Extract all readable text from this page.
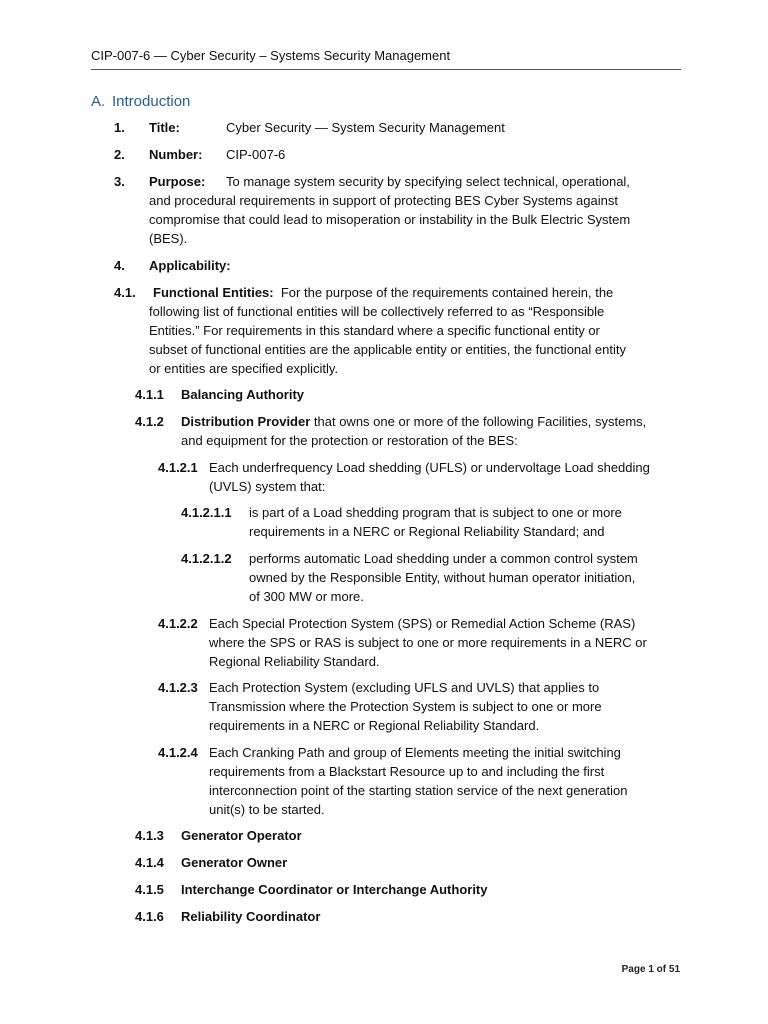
CIP-007-6 — Cyber Security – Systems Security Management
A. Introduction
1. Title:	Cyber Security — System Security Management
2. Number: CIP-007-6
3. Purpose: To manage system security by specifying select technical, operational,
and procedural requirements in support of protecting BES Cyber Systems against
compromise that could lead to misoperation or instability in the Bulk Electric System
(BES).
4. Applicability:
4.1. Functional Entities: For the purpose of the requirements contained herein, the
following list of functional entities will be collectively referred to as “Responsible
Entities.” For requirements in this standard where a specific functional entity or
subset of functional entities are the applicable entity or entities, the functional entity
or entities are specified explicitly.
4.1.1 Balancing Authority
4.1.2 Distribution Provider that owns one or more of the following Facilities, systems,
and equipment for the protection or restoration of the BES:
4.1.2.1 Each underfrequency Load shedding (UFLS) or undervoltage Load shedding
(UVLS) system that:
4.1.2.1.1 is part of a Load shedding program that is subject to one or more
requirements in a NERC or Regional Reliability Standard; and
4.1.2.1.2 performs automatic Load shedding under a common control system
owned by the Responsible Entity, without human operator initiation,
of 300 MW or more.
4.1.2.2 Each Special Protection System (SPS) or Remedial Action Scheme (RAS)
where the SPS or RAS is subject to one or more requirements in a NERC or
Regional Reliability Standard.
4.1.2.3 Each Protection System (excluding UFLS and UVLS) that applies to
Transmission where the Protection System is subject to one or more
requirements in a NERC or Regional Reliability Standard.
4.1.2.4 Each Cranking Path and group of Elements meeting the initial switching
requirements from a Blackstart Resource up to and including the first
interconnection point of the starting station service of the next generation
unit(s) to be started.
4.1.3 Generator Operator
4.1.4 Generator Owner
4.1.5 Interchange Coordinator or Interchange Authority
4.1.6 Reliability Coordinator
Page 1 of 51
